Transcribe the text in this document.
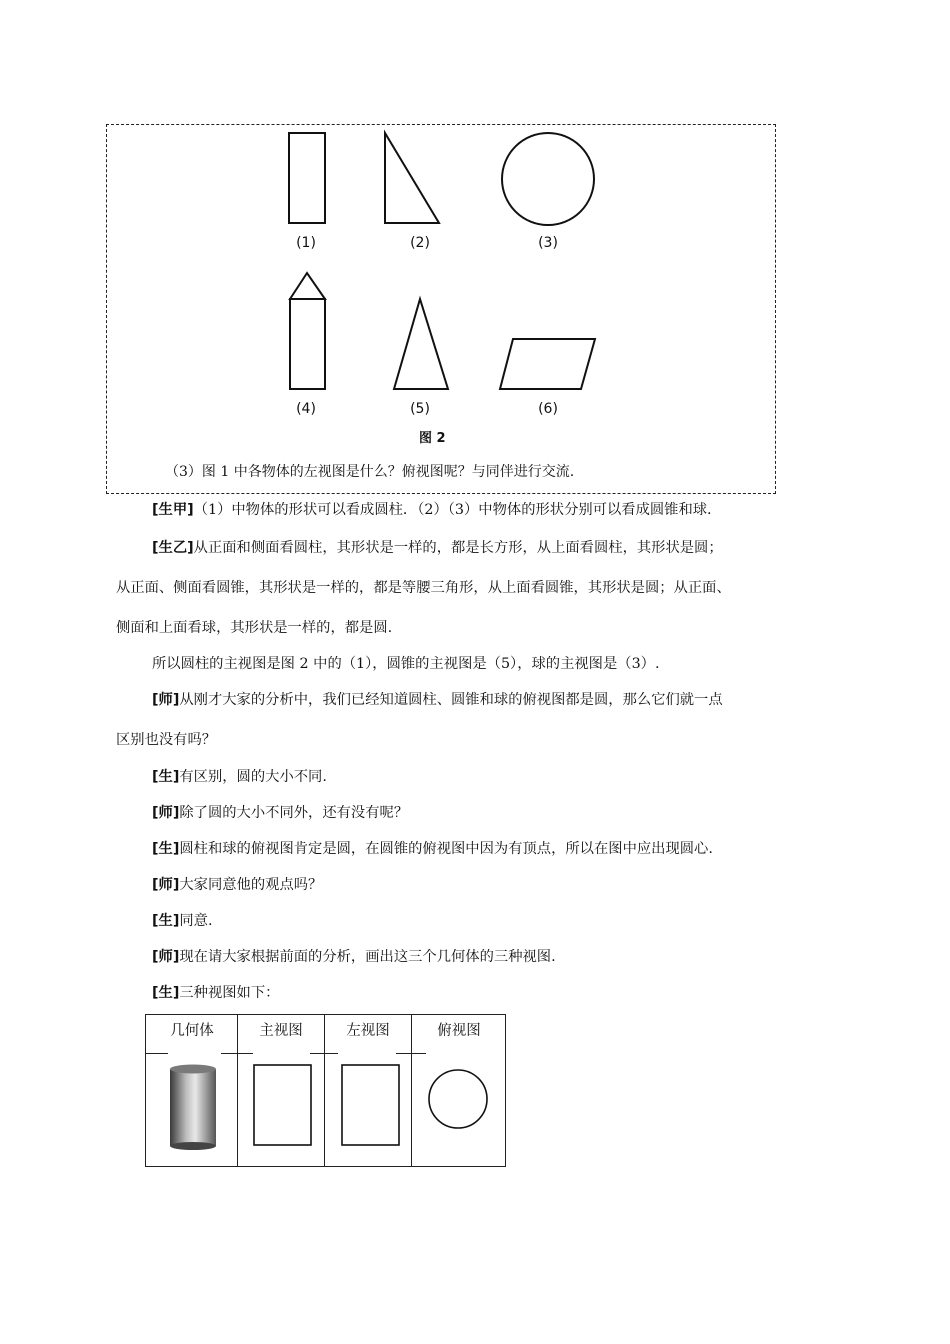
(1)	(2)	(3)
(4)	(5)	(6)
图 2
（3）图 1 中各物体的左视图是什么？俯视图呢？与同伴进行交流.
[生甲]（1）中物体的形状可以看成圆柱．（2）（3）中物体的形状分别可以看成圆锥和球.
[生乙]从正面和侧面看圆柱，其形状是一样的，都是长方形，从上面看圆柱，其形状是圆；
从正面、侧面看圆锥，其形状是一样的，都是等腰三角形，从上面看圆锥，其形状是圆；从正面、
侧面和上面看球，其形状是一样的，都是圆.
所以圆柱的主视图是图 2 中的（1），圆锥的主视图是（5），球的主视图是（3）.
[师]从刚才大家的分析中，我们已经知道圆柱、圆锥和球的俯视图都是圆，那么它们就一点
区别也没有吗？
[生]有区别，圆的大小不同.
[师]除了圆的大小不同外，还有没有呢？
[生]圆柱和球的俯视图肯定是圆，在圆锥的俯视图中因为有顶点，所以在图中应出现圆心.
[师]大家同意他的观点吗？
[生]同意.
[师]现在请大家根据前面的分析，画出这三个几何体的三种视图.
[生]三种视图如下：
几何体	主视图	左视图	俯视图
